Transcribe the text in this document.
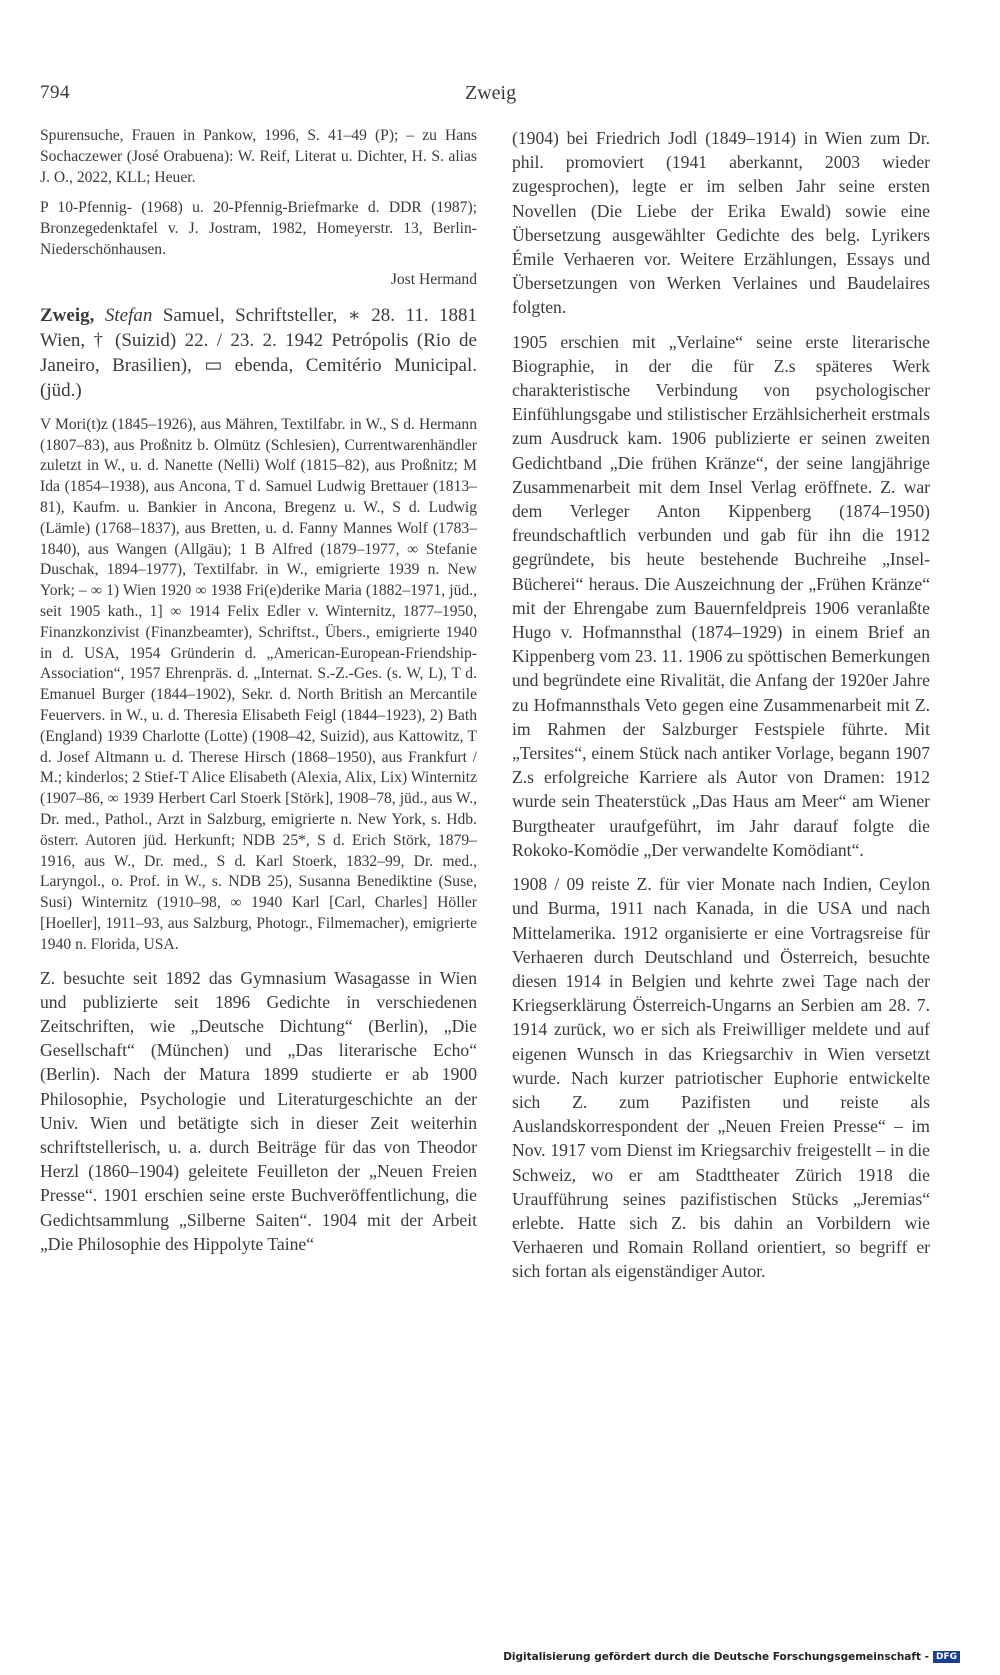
794	Zweig

Spurensuche, Frauen in Pankow, 1996, S. 41–49 (P); – zu Hans Sochaczewer (José Orabuena): W. Reif, Literat u. Dichter, H. S. alias J. O., 2022, KLL; Heuer.

P 10-Pfennig- (1968) u. 20-Pfennig-Briefmarke d. DDR (1987); Bronzegedenktafel v. J. Jostram, 1982, Homeyerstr. 13, Berlin-Niederschönhausen.

Jost Hermand

Zweig, Stefan Samuel, Schriftsteller, ∗ 28. 11. 1881 Wien, † (Suizid) 22. / 23. 2. 1942 Petrópolis (Rio de Janeiro, Brasilien), ▭ ebenda, Cemitério Municipal. (jüd.)

V Mori(t)z (1845–1926), aus Mähren, Textilfabr. in W., S d. Hermann (1807–83), aus Proßnitz b. Olmütz (Schlesien), Currentwarenhändler zuletzt in W., u. d. Nanette (Nelli) Wolf (1815–82), aus Proßnitz; M Ida (1854–1938), aus Ancona, T d. Samuel Ludwig Brettauer (1813–81), Kaufm. u. Bankier in Ancona, Bregenz u. W., S d. Ludwig (Lämle) (1768–1837), aus Bretten, u. d. Fanny Mannes Wolf (1783–1840), aus Wangen (Allgäu); 1 B Alfred (1879–1977, ∞ Stefanie Duschak, 1894–1977), Textilfabr. in W., emigrierte 1939 n. New York; – ∞ 1) Wien 1920 ∞ 1938 Fri(e)derike Maria (1882–1971, jüd., seit 1905 kath., 1] ∞ 1914 Felix Edler v. Winternitz, 1877–1950, Finanzkonzivist (Finanzbeamter), Schriftst., Übers., emigrierte 1940 in d. USA, 1954 Gründerin d. „American-European-Friendship-Association“, 1957 Ehrenpräs. d. „Internat. S.-Z.-Ges. (s. W, L), T d. Emanuel Burger (1844–1902), Sekr. d. North British an Mercantile Feuervers. in W., u. d. Theresia Elisabeth Feigl (1844–1923), 2) Bath (England) 1939 Charlotte (Lotte) (1908–42, Suizid), aus Kattowitz, T d. Josef Altmann u. d. Therese Hirsch (1868–1950), aus Frankfurt / M.; kinderlos; 2 Stief-T Alice Elisabeth (Alexia, Alix, Lix) Winternitz (1907–86, ∞ 1939 Herbert Carl Stoerk [Störk], 1908–78, jüd., aus W., Dr. med., Pathol., Arzt in Salzburg, emigrierte n. New York, s. Hdb. österr. Autoren jüd. Herkunft; NDB 25*, S d. Erich Störk, 1879–1916, aus W., Dr. med., S d. Karl Stoerk, 1832–99, Dr. med., Laryngol., o. Prof. in W., s. NDB 25), Susanna Benediktine (Suse, Susi) Winternitz (1910–98, ∞ 1940 Karl [Carl, Charles] Höller [Hoeller], 1911–93, aus Salzburg, Photogr., Filmemacher), emigrierte 1940 n. Florida, USA.

Z. besuchte seit 1892 das Gymnasium Wasagasse in Wien und publizierte seit 1896 Gedichte in verschiedenen Zeitschriften, wie „Deutsche Dichtung“ (Berlin), „Die Gesellschaft“ (München) und „Das literarische Echo“ (Berlin). Nach der Matura 1899 studierte er ab 1900 Philosophie, Psychologie und Literaturgeschichte an der Univ. Wien und betätigte sich in dieser Zeit weiterhin schriftstellerisch, u. a. durch Beiträge für das von Theodor Herzl (1860–1904) geleitete Feuilleton der „Neuen Freien Presse“. 1901 erschien seine erste Buchveröffentlichung, die Gedichtsammlung „Silberne Saiten“. 1904 mit der Arbeit „Die Philosophie des Hippolyte Taine“

(1904) bei Friedrich Jodl (1849–1914) in Wien zum Dr. phil. promoviert (1941 aberkannt, 2003 wieder zugesprochen), legte er im selben Jahr seine ersten Novellen (Die Liebe der Erika Ewald) sowie eine Übersetzung ausgewählter Gedichte des belg. Lyrikers Émile Verhaeren vor. Weitere Erzählungen, Essays und Übersetzungen von Werken Verlaines und Baudelaires folgten.

1905 erschien mit „Verlaine“ seine erste literarische Biographie, in der die für Z.s späteres Werk charakteristische Verbindung von psychologischer Einfühlungsgabe und stilistischer Erzählsicherheit erstmals zum Ausdruck kam. 1906 publizierte er seinen zweiten Gedichtband „Die frühen Kränze“, der seine langjährige Zusammenarbeit mit dem Insel Verlag eröffnete. Z. war dem Verleger Anton Kippenberg (1874–1950) freundschaftlich verbunden und gab für ihn die 1912 gegründete, bis heute bestehende Buchreihe „Insel-Bücherei“ heraus. Die Auszeichnung der „Frühen Kränze“ mit der Ehrengabe zum Bauernfeldpreis 1906 veranlaßte Hugo v. Hofmannsthal (1874–1929) in einem Brief an Kippenberg vom 23. 11. 1906 zu spöttischen Bemerkungen und begründete eine Rivalität, die Anfang der 1920er Jahre zu Hofmannsthals Veto gegen eine Zusammenarbeit mit Z. im Rahmen der Salzburger Festspiele führte. Mit „Tersites“, einem Stück nach antiker Vorlage, begann 1907 Z.s erfolgreiche Karriere als Autor von Dramen: 1912 wurde sein Theaterstück „Das Haus am Meer“ am Wiener Burgtheater uraufgeführt, im Jahr darauf folgte die Rokoko-Komödie „Der verwandelte Komödiant“.

1908 / 09 reiste Z. für vier Monate nach Indien, Ceylon und Burma, 1911 nach Kanada, in die USA und nach Mittelamerika. 1912 organisierte er eine Vortragsreise für Verhaeren durch Deutschland und Österreich, besuchte diesen 1914 in Belgien und kehrte zwei Tage nach der Kriegserklärung Österreich-Ungarns an Serbien am 28. 7. 1914 zurück, wo er sich als Freiwilliger meldete und auf eigenen Wunsch in das Kriegsarchiv in Wien versetzt wurde. Nach kurzer patriotischer Euphorie entwickelte sich Z. zum Pazifisten und reiste als Auslandskorrespondent der „Neuen Freien Presse“ – im Nov. 1917 vom Dienst im Kriegsarchiv freigestellt – in die Schweiz, wo er am Stadttheater Zürich 1918 die Uraufführung seines pazifistischen Stücks „Jeremias“ erlebte. Hatte sich Z. bis dahin an Vorbildern wie Verhaeren und Romain Rolland orientiert, so begriff er sich fortan als eigenständiger Autor.

Digitalisierung gefördert durch die Deutsche Forschungsgemeinschaft - DFG
